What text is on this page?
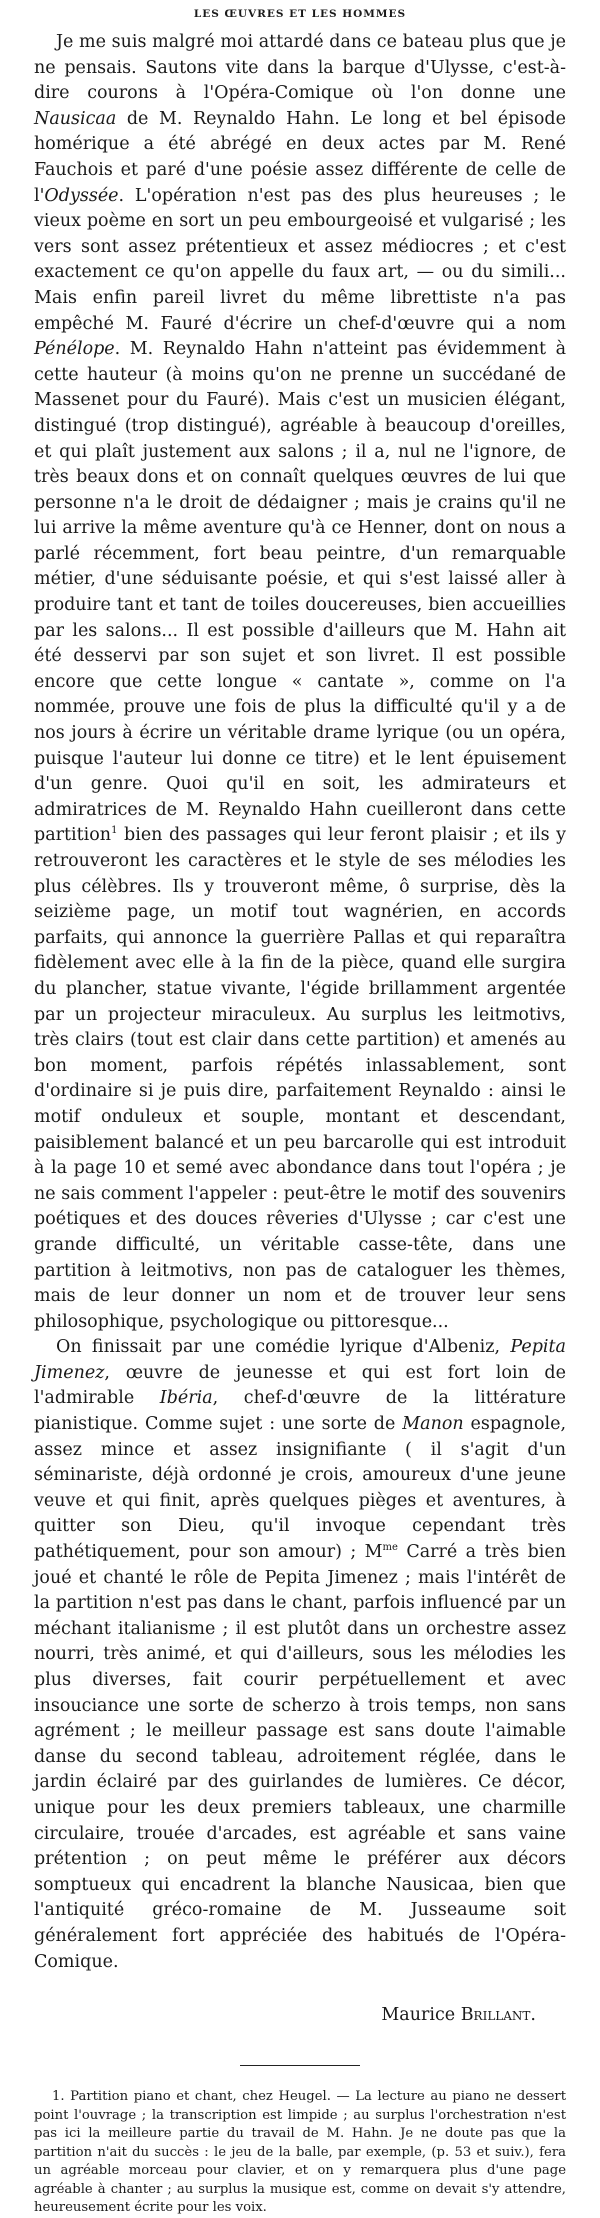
LES ŒUVRES ET LES HOMMES

Je me suis malgré moi attardé dans ce bateau plus que je ne pensais. Sautons vite dans la barque d'Ulysse, c'est-à-dire courons à l'Opéra-Comique où l'on donne une Nausicaa de M. Reynaldo Hahn. Le long et bel épisode homérique a été abrégé en deux actes par M. René Fauchois et paré d'une poésie assez différente de celle de l'Odyssée. L'opération n'est pas des plus heureuses ; le vieux poème en sort un peu embourgeoisé et vulgarisé ; les vers sont assez prétentieux et assez médiocres ; et c'est exactement ce qu'on appelle du faux art, — ou du simili... Mais enfin pareil livret du même librettiste n'a pas empêché M. Fauré d'écrire un chef-d'œuvre qui a nom Pénélope. M. Reynaldo Hahn n'atteint pas évidemment à cette hauteur (à moins qu'on ne prenne un succédané de Massenet pour du Fauré). Mais c'est un musicien élégant, distingué (trop distingué), agréable à beaucoup d'oreilles, et qui plaît justement aux salons ; il a, nul ne l'ignore, de très beaux dons et on connaît quelques œuvres de lui que personne n'a le droit de dédaigner ; mais je crains qu'il ne lui arrive la même aventure qu'à ce Henner, dont on nous a parlé récemment, fort beau peintre, d'un remarquable métier, d'une séduisante poésie, et qui s'est laissé aller à produire tant et tant de toiles doucereuses, bien accueillies par les salons... Il est possible d'ailleurs que M. Hahn ait été desservi par son sujet et son livret. Il est possible encore que cette longue « cantate », comme on l'a nommée, prouve une fois de plus la difficulté qu'il y a de nos jours à écrire un véritable drame lyrique (ou un opéra, puisque l'auteur lui donne ce titre) et le lent épuisement d'un genre. Quoi qu'il en soit, les admirateurs et admiratrices de M. Reynaldo Hahn cueilleront dans cette partition$^1$ bien des passages qui leur feront plaisir ; et ils y retrouveront les caractères et le style de ses mélodies les plus célèbres. Ils y trouveront même, ô surprise, dès la seizième page, un motif tout wagnérien, en accords parfaits, qui annonce la guerrière Pallas et qui reparaîtra fidèlement avec elle à la fin de la pièce, quand elle surgira du plancher, statue vivante, l'égide brillamment argentée par un projecteur miraculeux. Au surplus les leitmotivs, très clairs (tout est clair dans cette partition) et amenés au bon moment, parfois répétés inlassablement, sont d'ordinaire si je puis dire, parfaitement Reynaldo : ainsi le motif onduleux et souple, montant et descendant, paisiblement balancé et un peu barcarolle qui est introduit à la page 10 et semé avec abondance dans tout l'opéra ; je ne sais comment l'appeler : peut-être le motif des souvenirs poétiques et des douces rêveries d'Ulysse ; car c'est une grande difficulté, un véritable casse-tête, dans une partition à leitmotivs, non pas de cataloguer les thèmes, mais de leur donner un nom et de trouver leur sens philosophique, psychologique ou pittoresque...

On finissait par une comédie lyrique d'Albeniz, Pepita Jimenez, œuvre de jeunesse et qui est fort loin de l'admirable Ibéria, chef-d'œuvre de la littérature pianistique. Comme sujet : une sorte de Manon espagnole, assez mince et assez insignifiante ( il s'agit d'un séminariste, déjà ordonné je crois, amoureux d'une jeune veuve et qui finit, après quelques pièges et aventures, à quitter son Dieu, qu'il invoque cependant très pathétiquement, pour son amour) ; $M^{me}$ Carré a très bien joué et chanté le rôle de Pepita Jimenez ; mais l'intérêt de la partition n'est pas dans le chant, parfois influencé par un méchant italianisme ; il est plutôt dans un orchestre assez nourri, très animé, et qui d'ailleurs, sous les mélodies les plus diverses, fait courir perpétuellement et avec insouciance une sorte de scherzo à trois temps, non sans agrément ; le meilleur passage est sans doute l'aimable danse du second tableau, adroitement réglée, dans le jardin éclairé par des guirlandes de lumières. Ce décor, unique pour les deux premiers tableaux, une charmille circulaire, trouée d'arcades, est agréable et sans vaine prétention ; on peut même le préférer aux décors somptueux qui encadrent la blanche Nausicaa, bien que l'antiquité gréco-romaine de M. Jusseaume soit généralement fort appréciée des habitués de l'Opéra-Comique.

Maurice Brillant.

1. Partition piano et chant, chez Heugel. — La lecture au piano ne dessert point l'ouvrage ; la transcription est limpide ; au surplus l'orchestration n'est pas ici la meilleure partie du travail de M. Hahn. Je ne doute pas que la partition n'ait du succès : le jeu de la balle, par exemple, (p. 53 et suiv.), fera un agréable morceau pour clavier, et on y remarquera plus d'une page agréable à chanter ; au surplus la musique est, comme on devait s'y attendre, heureusement écrite pour les voix.
